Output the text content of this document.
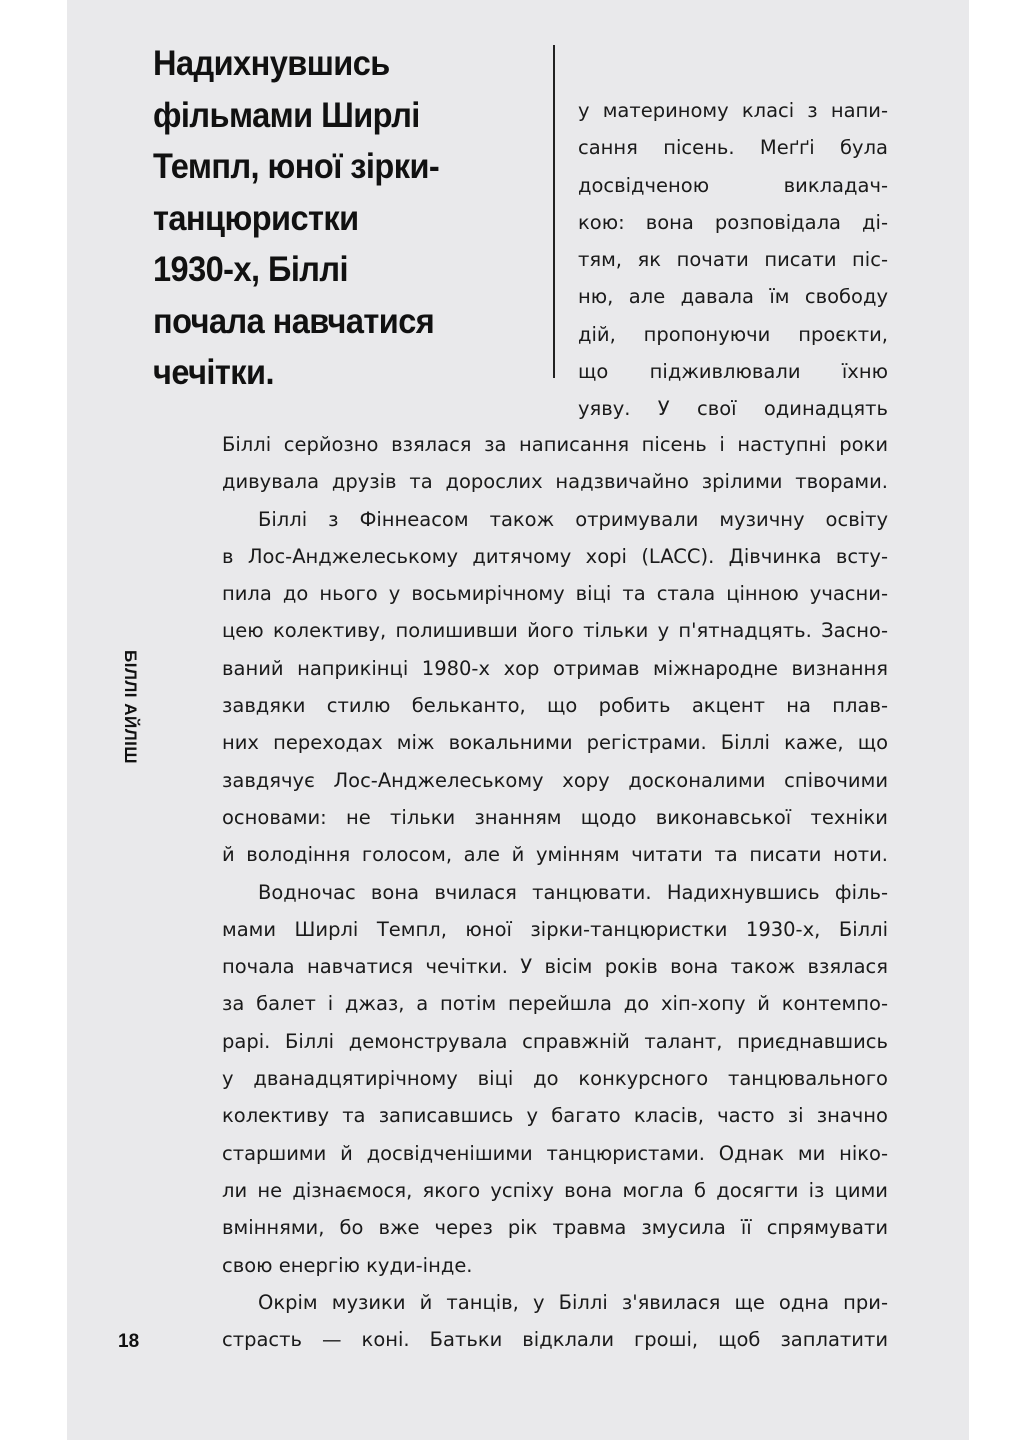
Надихнувшись
фільмами Ширлі
Темпл, юної зірки-
танцюристки
1930-х, Біллі
почала навчатися
чечітки.
у материному класі з напи-
сання пісень. Меґґі була
досвідченою викладач-
кою: вона розповідала ді-
тям, як почати писати піс-
ню, але давала їм свободу
дій, пропонуючи проєкти,
що підживлювали їхню
уяву. У свої одинадцять
Біллі серйозно взялася за написання пісень і наступні роки
дивувала друзів та дорослих надзвичайно зрілими творами.
Біллі з Фіннеасом також отримували музичну освіту
в Лос-Анджелеському дитячому хорі (LACC). Дівчинка всту-
пила до нього у восьмирічному віці та стала цінною учасни-
цею колективу, полишивши його тільки у п'ятнадцять. Засно-
ваний наприкінці 1980-х хор отримав міжнародне визнання
завдяки стилю бельканто, що робить акцент на плав-
них переходах між вокальними регістрами. Біллі каже, що
завдячує Лос-Анджелеському хору досконалими співочими
основами: не тільки знанням щодо виконавської техніки
й володіння голосом, але й умінням читати та писати ноти.
Водночас вона вчилася танцювати. Надихнувшись філь-
мами Ширлі Темпл, юної зірки-танцюристки 1930-х, Біллі
почала навчатися чечітки. У вісім років вона також взялася
за балет і джаз, а потім перейшла до хіп-хопу й контемпо-
рарі. Біллі демонструвала справжній талант, приєднавшись
у дванадцятирічному віці до конкурсного танцювального
колективу та записавшись у багато класів, часто зі значно
старшими й досвідченішими танцюристами. Однак ми ніко-
ли не дізнаємося, якого успіху вона могла б досягти із цими
вміннями, бо вже через рік травма змусила її спрямувати
свою енергію куди-інде.
Окрім музики й танців, у Біллі з'явилася ще одна при-
страсть — коні. Батьки відклали гроші, щоб заплатити
БІЛЛІ АЙЛІШ
18
